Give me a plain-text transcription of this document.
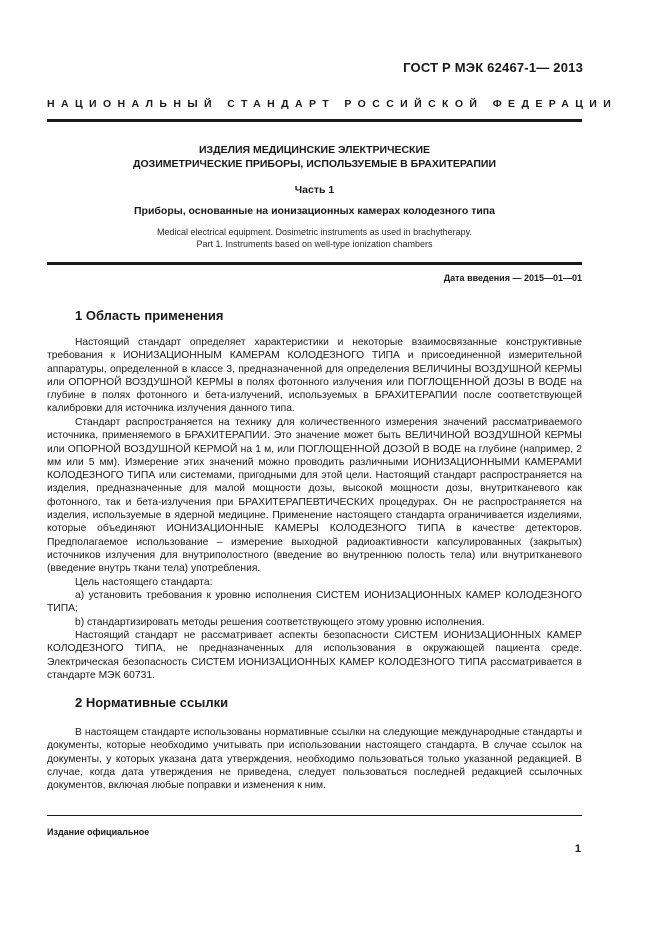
ГОСТ Р МЭК 62467-1— 2013
НАЦИОНАЛЬНЫЙ СТАНДАРТ РОССИЙСКОЙ ФЕДЕРАЦИИ
ИЗДЕЛИЯ МЕДИЦИНСКИЕ ЭЛЕКТРИЧЕСКИЕ
ДОЗИМЕТРИЧЕСКИЕ ПРИБОРЫ, ИСПОЛЬЗУЕМЫЕ В БРАХИТЕРАПИИ
Часть 1
Приборы, основанные на ионизационных камерах колодезного типа
Medical electrical equipment. Dosimetric instruments as used in brachytherapy.
Part 1. Instruments based on well-type ionization chambers
Дата введения — 2015—01—01
1 Область применения

Настоящий стандарт определяет характеристики и некоторые взаимосвязанные конструктивные требования к ИОНИЗАЦИОННЫМ КАМЕРАМ КОЛОДЕЗНОГО ТИПА и присоединенной измерительной аппаратуры, определенной в классе 3, предназначенной для определения ВЕЛИЧИНЫ ВОЗДУШНОЙ КЕРМЫ или ОПОРНОЙ ВОЗДУШНОЙ КЕРМЫ в полях фотонного излучения или ПОГЛОЩЕННОЙ ДОЗЫ В ВОДЕ на глубине в полях фотонного и бета-излучений, используемых в БРАХИТЕРАПИИ после соответствующей калибровки для источника излучения данного типа.

Стандарт распространяется на технику для количественного измерения значений рассматриваемого источника, применяемого в БРАХИТЕРАПИИ. Это значение может быть ВЕЛИЧИНОЙ ВОЗДУШНОЙ КЕРМЫ или ОПОРНОЙ ВОЗДУШНОЙ КЕРМОЙ на 1 м, или ПОГЛОЩЕННОЙ ДОЗОЙ В ВОДЕ на глубине (например, 2 мм или 5 мм). Измерение этих значений можно проводить различными ИОНИЗАЦИОННЫМИ КАМЕРАМИ КОЛОДЕЗНОГО ТИПА или системами, пригодными для этой цели. Настоящий стандарт распространяется на изделия, предназначенные для малой мощности дозы, высокой мощности дозы, внутритканевого как фотонного, так и бета-излучения при БРАХИТЕРАПЕВТИЧЕСКИХ процедурах. Он не распространяется на изделия, используемые в ядерной медицине. Применение настоящего стандарта ограничивается изделиями, которые объединяют ИОНИЗАЦИОННЫЕ КАМЕРЫ КОЛОДЕЗНОГО ТИПА в качестве детекторов. Предполагаемое использование – измерение выходной радиоактивности капсулированных (закрытых) источников излучения для внутриполостного (введение во внутреннюю полость тела) или внутритканевого (введение внутрь ткани тела) употребления.

Цель настоящего стандарта:

а) установить требования к уровню исполнения СИСТЕМ ИОНИЗАЦИОННЫХ КАМЕР КОЛОДЕЗНОГО ТИПА;

b) стандартизировать методы решения соответствующего этому уровню исполнения.

Настоящий стандарт не рассматривает аспекты безопасности СИСТЕМ ИОНИЗАЦИОННЫХ КАМЕР КОЛОДЕЗНОГО ТИПА, не предназначенных для использования в окружающей пациента среде. Электрическая безопасность СИСТЕМ ИОНИЗАЦИОННЫХ КАМЕР КОЛОДЕЗНОГО ТИПА рассматривается в стандарте МЭК 60731.

2 Нормативные ссылки

В настоящем стандарте использованы нормативные ссылки на следующие международные стандарты и документы, которые необходимо учитывать при использовании настоящего стандарта. В случае ссылок на документы, у которых указана дата утверждения, необходимо пользоваться только указанной редакцией. В случае, когда дата утверждения не приведена, следует пользоваться последней редакцией ссылочных документов, включая любые поправки и изменения к ним.

Издание официальное
1
